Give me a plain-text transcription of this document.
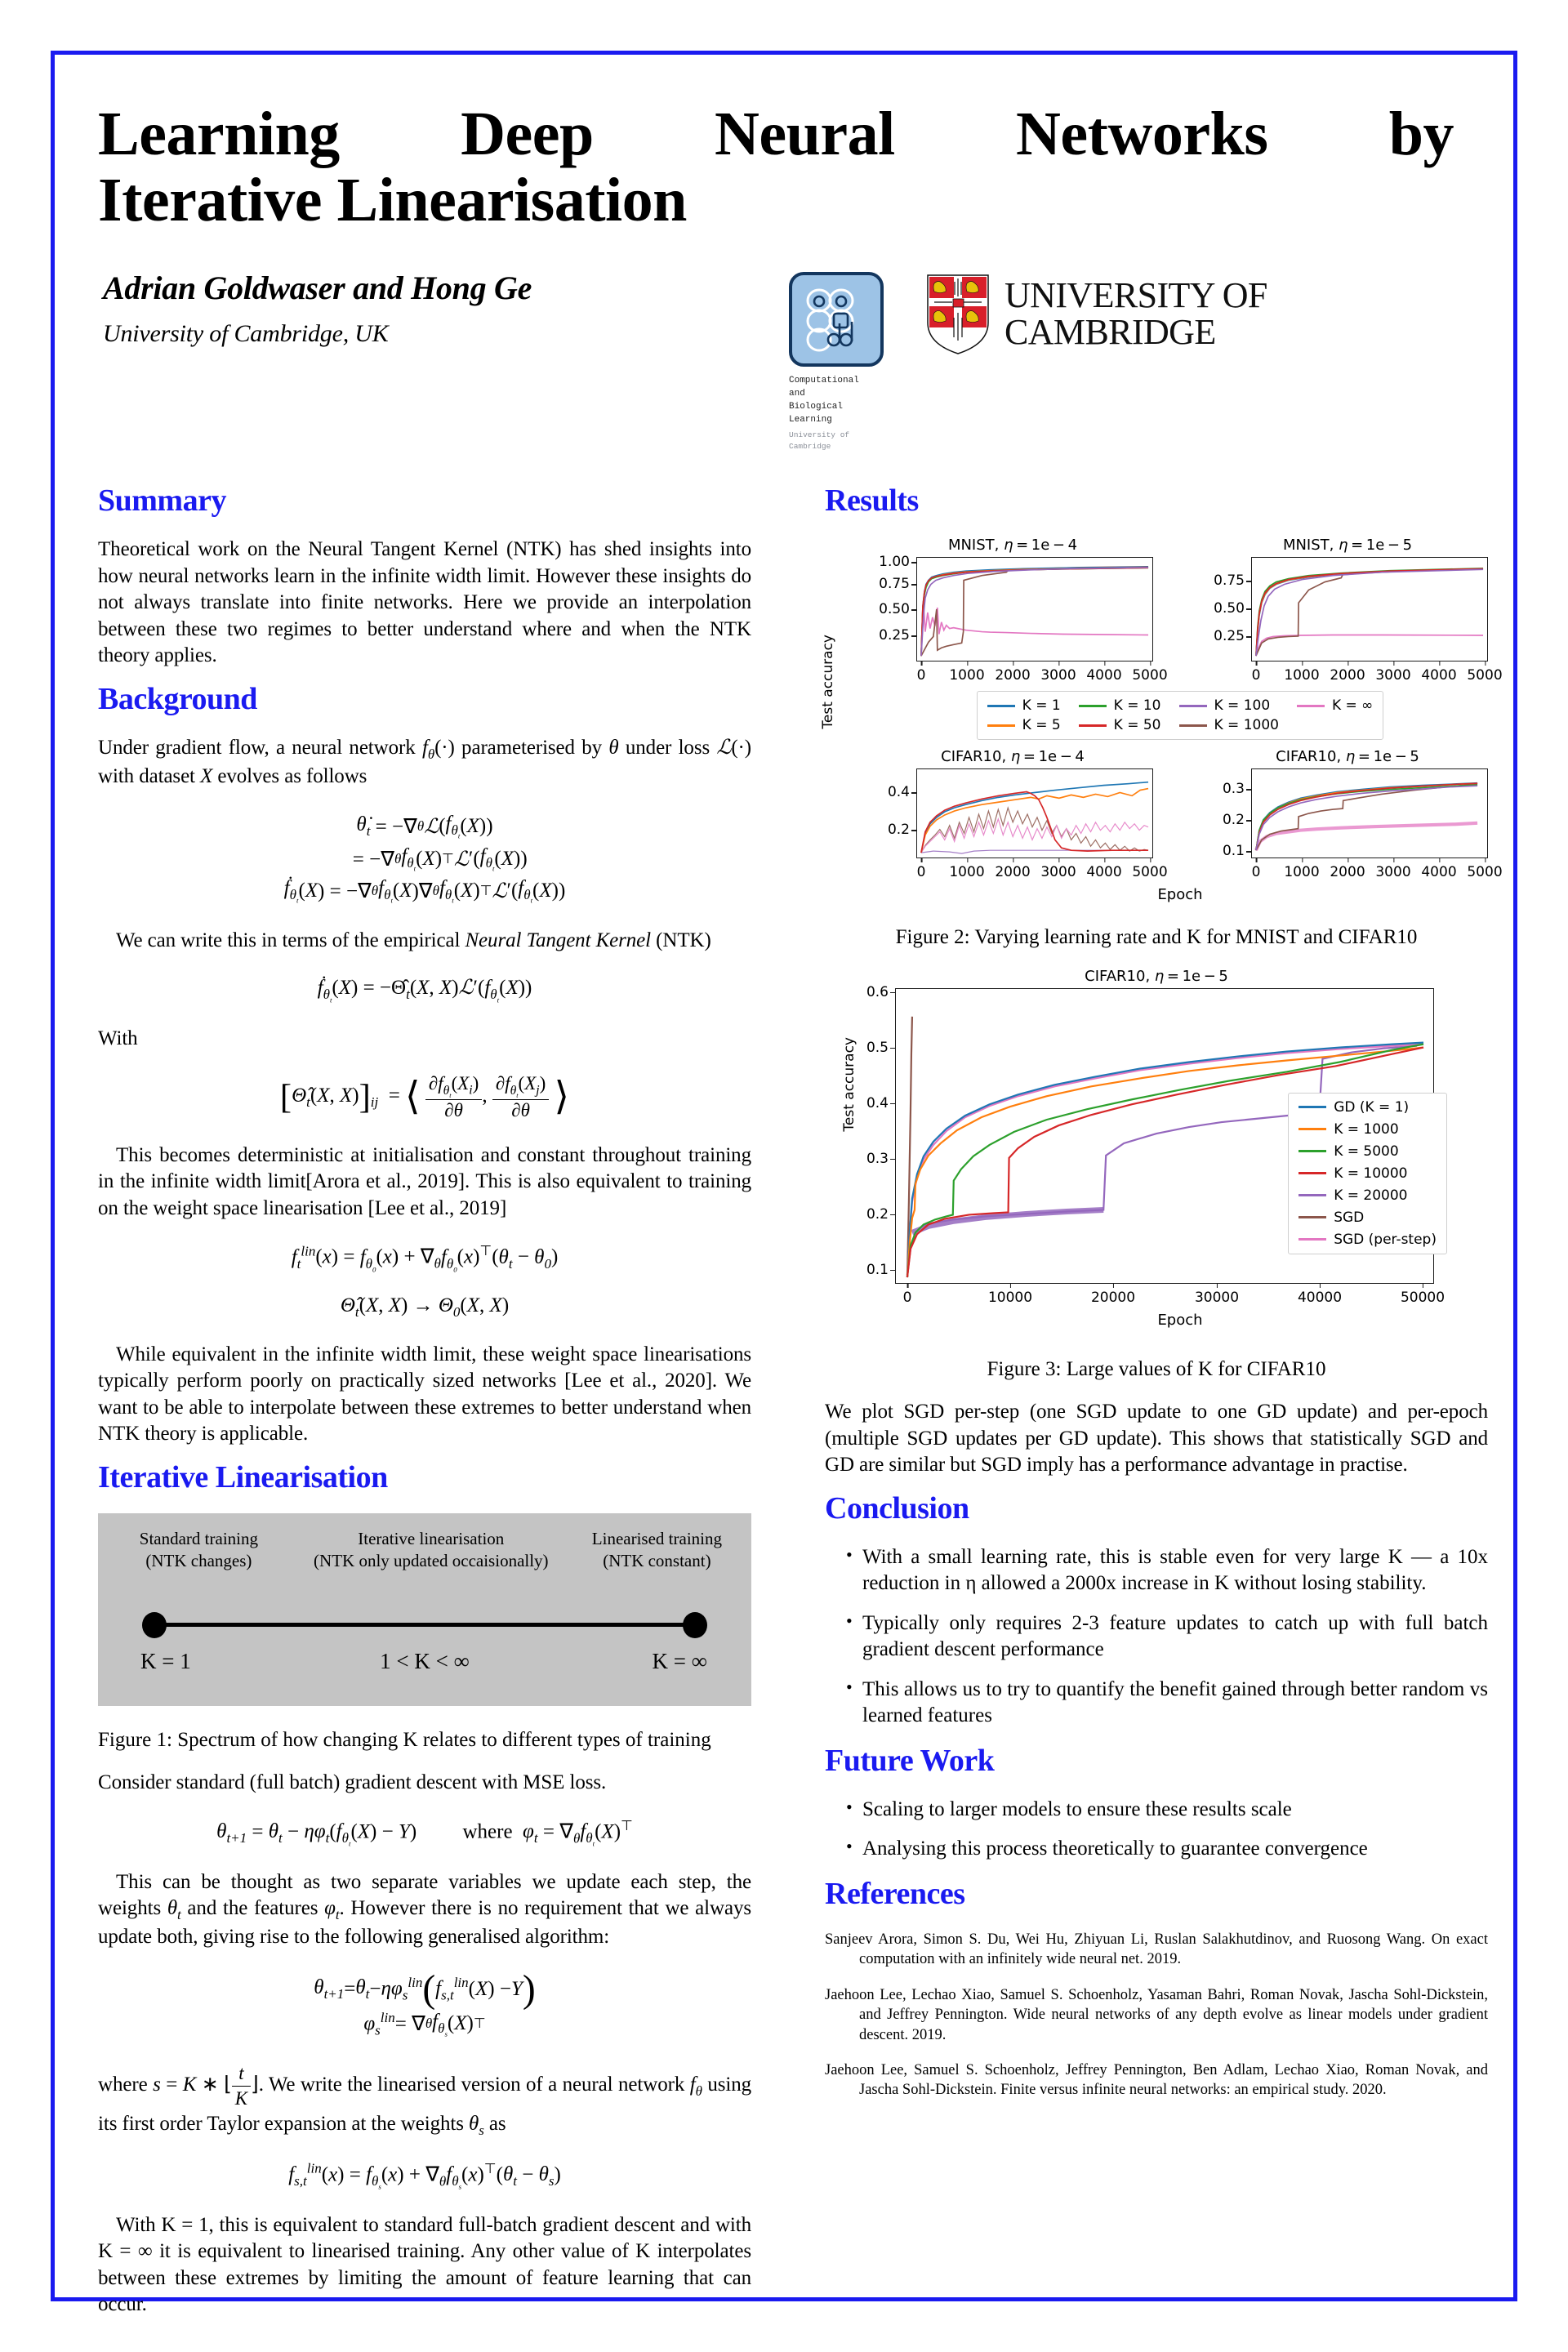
Learning Deep Neural Networks by
Iterative Linearisation
Adrian Goldwaser and Hong Ge
University of Cambridge, UK
Computational and
Biological Learning
University of Cambridge
UNIVERSITY OF
CAMBRIDGE
Summary

Theoretical work on the Neural Tangent Kernel (NTK) has shed insights into how neural networks learn in the infinite width limit. However these insights do not always translate into finite networks. Here we provide an interpolation between these two regimes to better understand where and when the NTK theory applies.

Background

Under gradient flow, a neural network $f_\theta(\cdot)$ parameterised by θ under loss ℒ(·) with dataset X evolves as follows

$\thetȧ_t$ = −∇ θ ℒ ( $f_{\theta_t}$ ( X ))
= −∇ θ $f_{\theta_t}$ ( X ) ⊤ ℒ ′( $f_{\theta_t}$ ( X ))
$ḟ_{\theta_t}$ ( X ) = −∇ θ $f_{\theta_t}$ ( X )∇ θ $f_{\theta_t}$ ( X ) ⊤ ℒ ′( $f_{\theta_t}$ ( X ))

We can write this in terms of the empirical Neural Tangent Kernel (NTK)

$ḟ_{\theta_t}(X)$ = $-\Thetâ_t(X$, $X)ℒ'(f_{\theta_t}(X))$

With

[$\Thetâ_t(X$, $X)]_{ij}$  = ⟨ $\frac{\partial f_{\theta_t}(X_i)}{\partial\theta}$ , $\frac{\partial f_{\theta_t}(X_j)}{\partial\theta}$ ⟩

This becomes deterministic at initialisation and constant throughout training in the infinite width limit[Arora et al., 2019]. This is also equivalent to training on the weight space linearisation [Lee et al., 2019]

$f_t^{lin}(x) = f_{\theta_0}(x) + \nabla_\theta f_{\theta_0}(x)^⊤(\theta_t - \theta_0)$
$\Thetâ_t(X$, $X) \to \Theta_0(X$, X)

While equivalent in the infinite width limit, these weight space linearisations typically perform poorly on practically sized networks [Lee et al., 2020]. We want to be able to interpolate between these extremes to better understand when NTK theory is applicable.

Iterative Linearisation
Standard training
(NTK changes)
Iterative linearisation
(NTK only updated occaisionally)
Linearised training
(NTK constant)
K = 1	1 < K < ∞	K = ∞

Figure 1: Spectrum of how changing K relates to different types of training

Consider standard (full batch) gradient descent with MSE loss.

$\theta_{t+1} = \theta_t - \eta\varphi_t(f_{\theta_t}(X) - Y)$         where  $\varphi_t = \nabla_\theta f_{\theta_t}(X)^⊤$

This can be thought as two separate variables we update each step, the weights $\theta_t$ and the features $\varphi_t$. However there is no requirement that we always update both, giving rise to the following generalised algorithm:

$\theta_{t+1} = \theta_t - \eta\varphi_s^{lin}$ ( $f_{s,t}^{lin}$ ( X ) − Y )
$\varphi_s^{lin}$ = ∇ θ $f_{\theta_s}$ ( X ) ⊤

where s = K ∗ ⌊ $\frac{t}{K}$ ⌋. We write the linearised version of a neural network $f_\theta$ using its first order Taylor expansion at the weights $\theta_s$ as

$f_{s,t}^{lin}(x) = f_{\theta_s}(x) + \nabla_\theta f_{\theta_s}(x)^⊤(\theta_t - \theta_s)$

With K = 1, this is equivalent to standard full-batch gradient descent and with K = ∞ it is equivalent to linearised training. Any other value of K interpolates between these extremes by limiting the amount of feature learning that can occur.

Results
Test accuracy
MNIST, η = 1e − 4
1.00
0.75
0.50
0.25
0 1000 2000 3000 4000 5000
MNIST, η = 1e − 5
0.75
0.50
0.25
0 1000 2000 3000 4000 5000
K = 1	K = 10	K = 100	K = ∞
K = 5	K = 50	K = 1000
CIFAR10, η = 1e − 4
0.4
0.2
0 1000 2000 3000 4000 5000
CIFAR10, η = 1e − 5
0.3
0.2
0.1
0 1000 2000 3000 4000 5000
Epoch

Figure 2: Varying learning rate and K for MNIST and CIFAR10

CIFAR10, η = 1e − 5
Test accuracy
0.6
0.5
0.4
0.3
0.2
0.1
0	10000	20000	30000	40000	50000
GD (K = 1)
K = 1000
K = 5000
K = 10000
K = 20000
SGD
SGD (per-step)
Epoch

Figure 3: Large values of K for CIFAR10

We plot SGD per-step (one SGD update to one GD update) and per-epoch (multiple SGD updates per GD update). This shows that statistically SGD and GD are similar but SGD imply has a performance advantage in practise.

Conclusion
• With a small learning rate, this is stable even for very large K — a 10x reduction in η allowed a 2000x increase in K without losing stability.
• Typically only requires 2-3 feature updates to catch up with full batch gradient descent performance
• This allows us to try to quantify the benefit gained through better random vs learned features
Future Work
• Scaling to larger models to ensure these results scale
• Analysing this process theoretically to guarantee convergence
References

Sanjeev Arora, Simon S. Du, Wei Hu, Zhiyuan Li, Ruslan Salakhutdinov, and Ruosong Wang. On exact computation with an infinitely wide neural net. 2019.

Jaehoon Lee, Lechao Xiao, Samuel S. Schoenholz, Yasaman Bahri, Roman Novak, Jascha Sohl-Dickstein, and Jeffrey Pennington. Wide neural networks of any depth evolve as linear models under gradient descent. 2019.

Jaehoon Lee, Samuel S. Schoenholz, Jeffrey Pennington, Ben Adlam, Lechao Xiao, Roman Novak, and Jascha Sohl-Dickstein. Finite versus infinite neural networks: an empirical study. 2020.
